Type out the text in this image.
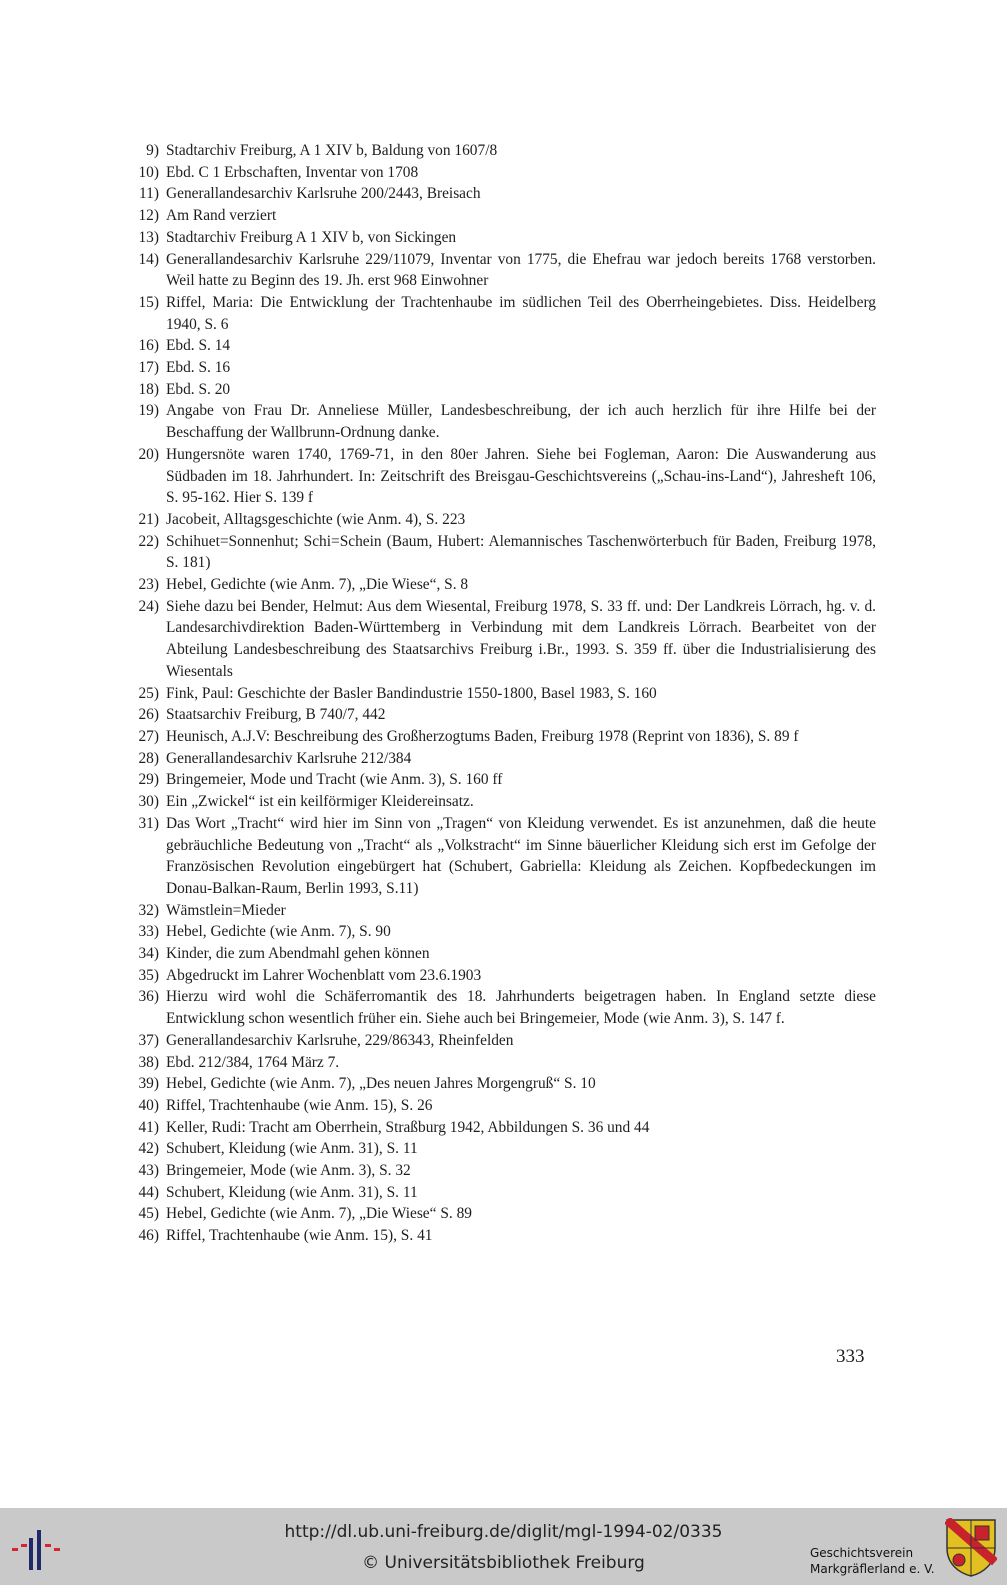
9) Stadtarchiv Freiburg, A 1 XIV b, Baldung von 1607/8
10) Ebd. C 1 Erbschaften, Inventar von 1708
11) Generallandesarchiv Karlsruhe 200/2443, Breisach
12) Am Rand verziert
13) Stadtarchiv Freiburg A 1 XIV b, von Sickingen
14) Generallandesarchiv Karlsruhe 229/11079, Inventar von 1775, die Ehefrau war jedoch bereits 1768 verstorben. Weil hatte zu Beginn des 19. Jh. erst 968 Einwohner
15) Riffel, Maria: Die Entwicklung der Trachtenhaube im südlichen Teil des Oberrheingebietes. Diss. Heidelberg 1940, S. 6
16) Ebd. S. 14
17) Ebd. S. 16
18) Ebd. S. 20
19) Angabe von Frau Dr. Anneliese Müller, Landesbeschreibung, der ich auch herzlich für ihre Hilfe bei der Beschaffung der Wallbrunn-Ordnung danke.
20) Hungersnöte waren 1740, 1769-71, in den 80er Jahren. Siehe bei Fogleman, Aaron: Die Auswanderung aus Südbaden im 18. Jahrhundert. In: Zeitschrift des Breisgau-Geschichtsvereins („Schau-ins-Land“), Jahresheft 106, S. 95-162. Hier S. 139 f
21) Jacobeit, Alltagsgeschichte (wie Anm. 4), S. 223
22) Schihuet=Sonnenhut; Schi=Schein (Baum, Hubert: Alemannisches Taschenwörterbuch für Baden, Freiburg 1978, S. 181)
23) Hebel, Gedichte (wie Anm. 7), „Die Wiese“, S. 8
24) Siehe dazu bei Bender, Helmut: Aus dem Wiesental, Freiburg 1978, S. 33 ff. und: Der Landkreis Lörrach, hg. v. d. Landesarchivdirektion Baden-Württemberg in Verbindung mit dem Landkreis Lörrach. Bearbeitet von der Abteilung Landesbeschreibung des Staatsarchivs Freiburg i.Br., 1993. S. 359 ff. über die Industrialisierung des Wiesentals
25) Fink, Paul: Geschichte der Basler Bandindustrie 1550-1800, Basel 1983, S. 160
26) Staatsarchiv Freiburg, B 740/7, 442
27) Heunisch, A.J.V: Beschreibung des Großherzogtums Baden, Freiburg 1978 (Reprint von 1836), S. 89 f
28) Generallandesarchiv Karlsruhe 212/384
29) Bringemeier, Mode und Tracht (wie Anm. 3), S. 160 ff
30) Ein „Zwickel“ ist ein keilförmiger Kleidereinsatz.
31) Das Wort „Tracht“ wird hier im Sinn von „Tragen“ von Kleidung verwendet. Es ist anzunehmen, daß die heute gebräuchliche Bedeutung von „Tracht“ als „Volkstracht“ im Sinne bäuerlicher Kleidung sich erst im Gefolge der Französischen Revolution eingebürgert hat (Schubert, Gabriella: Kleidung als Zeichen. Kopfbedeckungen im Donau-Balkan-Raum, Berlin 1993, S.11)
32) Wämstlein=Mieder
33) Hebel, Gedichte (wie Anm. 7), S. 90
34) Kinder, die zum Abendmahl gehen können
35) Abgedruckt im Lahrer Wochenblatt vom 23.6.1903
36) Hierzu wird wohl die Schäferromantik des 18. Jahrhunderts beigetragen haben. In England setzte diese Entwicklung schon wesentlich früher ein. Siehe auch bei Bringemeier, Mode (wie Anm. 3), S. 147 f.
37) Generallandesarchiv Karlsruhe, 229/86343, Rheinfelden
38) Ebd. 212/384, 1764 März 7.
39) Hebel, Gedichte (wie Anm. 7), „Des neuen Jahres Morgengruß“ S. 10
40) Riffel, Trachtenhaube (wie Anm. 15), S. 26
41) Keller, Rudi: Tracht am Oberrhein, Straßburg 1942, Abbildungen S. 36 und 44
42) Schubert, Kleidung (wie Anm. 31), S. 11
43) Bringemeier, Mode (wie Anm. 3), S. 32
44) Schubert, Kleidung (wie Anm. 31), S. 11
45) Hebel, Gedichte (wie Anm. 7), „Die Wiese“ S. 89
46) Riffel, Trachtenhaube (wie Anm. 15), S. 41
333
http://dl.ub.uni-freiburg.de/diglit/mgl-1994-02/0335
© Universitätsbibliothek Freiburg	Geschichtsverein
Markgräflerland e. V.
